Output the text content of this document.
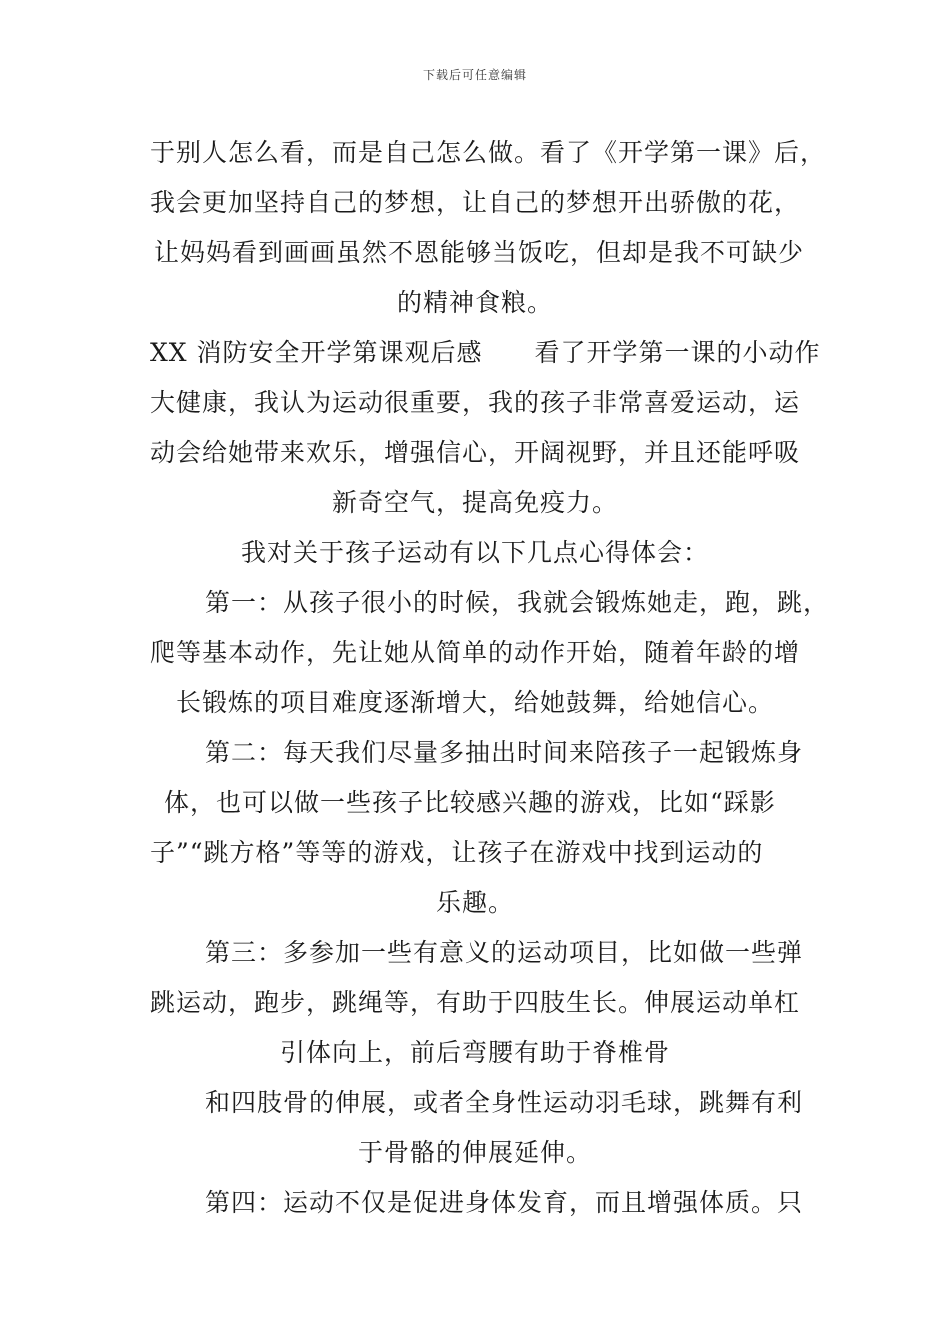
下载后可任意编辑
于别人怎么看，而是自己怎么做。看了《开学第一课》后，
我会更加坚持自己的梦想，让自己的梦想开出骄傲的花，
让妈妈看到画画虽然不恩能够当饭吃，但却是我不可缺少
的精神食粮。
XX 消防安全开学第课观后感　　看了开学第一课的小动作
大健康，我认为运动很重要，我的孩子非常喜爱运动，运
动会给她带来欢乐，增强信心，开阔视野，并且还能呼吸
新奇空气，提高免疫力。
我对关于孩子运动有以下几点心得体会：
第一：从孩子很小的时候，我就会锻炼她走，跑，跳，
爬等基本动作，先让她从简单的动作开始，随着年龄的增
长锻炼的项目难度逐渐增大，给她鼓舞，给她信心。
第二：每天我们尽量多抽出时间来陪孩子一起锻炼身
体，也可以做一些孩子比较感兴趣的游戏，比如“踩影
子”“跳方格”等等的游戏，让孩子在游戏中找到运动的
乐趣。
第三：多参加一些有意义的运动项目，比如做一些弹
跳运动，跑步，跳绳等，有助于四肢生长。伸展运动单杠
引体向上，前后弯腰有助于脊椎骨
和四肢骨的伸展，或者全身性运动羽毛球，跳舞有利
于骨骼的伸展延伸。
第四：运动不仅是促进身体发育，而且增强体质。只
